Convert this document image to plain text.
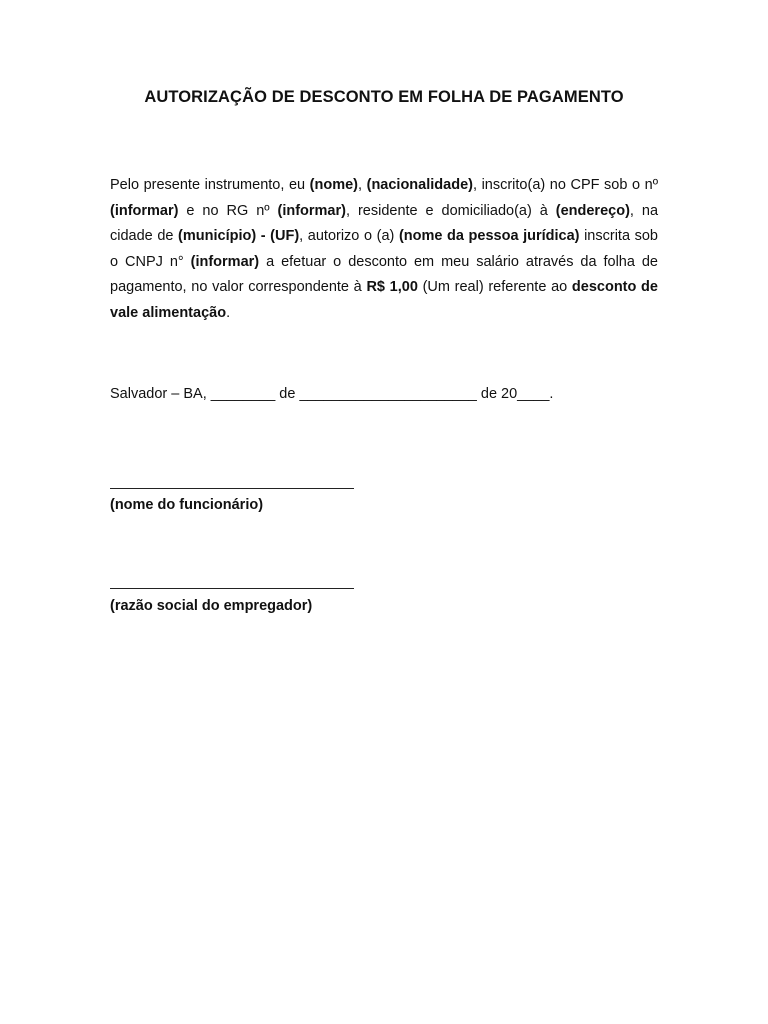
AUTORIZAÇÃO DE DESCONTO EM FOLHA DE PAGAMENTO

Pelo presente instrumento, eu (nome), (nacionalidade), inscrito(a) no CPF sob o nº (informar) e no RG nº (informar), residente e domiciliado(a) à (endereço), na cidade de (município) - (UF), autorizo o (a) (nome da pessoa jurídica) inscrita sob o CNPJ n° (informar) a efetuar o desconto em meu salário através da folha de pagamento, no valor correspondente à R$ 1,00 (Um real) referente ao desconto de vale alimentação.

Salvador – BA, ________ de ______________________ de 20____.
(nome do funcionário)
(razão social do empregador)
